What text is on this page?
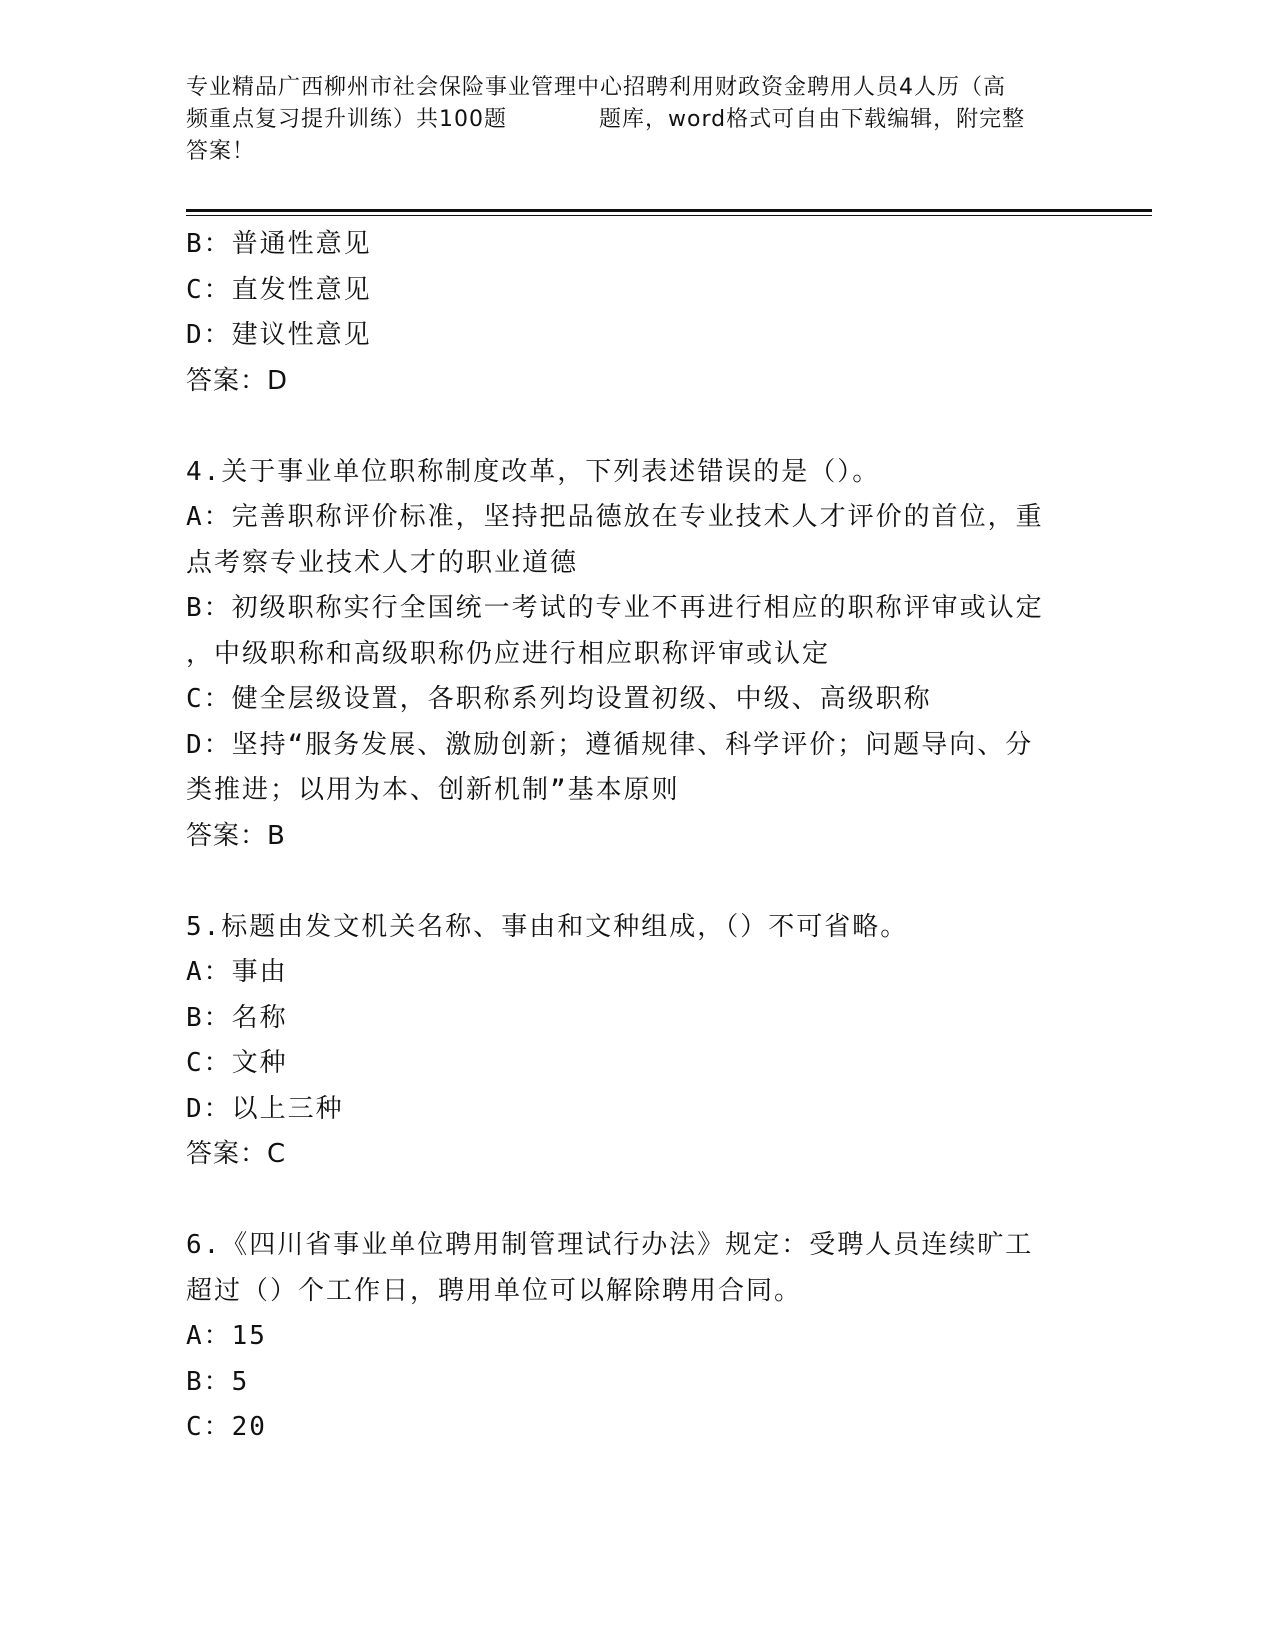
专业精品广西柳州市社会保险事业管理中心招聘利用财政资金聘用人员4人历（高
频重点复习提升训练）共100题　　　　题库，word格式可自由下载编辑，附完整
答案！
B：普通性意见
C：直发性意见
D：建议性意见
答案：D
4.关于事业单位职称制度改革，下列表述错误的是（）。
A：完善职称评价标准，坚持把品德放在专业技术人才评价的首位，重
点考察专业技术人才的职业道德
B：初级职称实行全国统一考试的专业不再进行相应的职称评审或认定
，中级职称和高级职称仍应进行相应职称评审或认定
C：健全层级设置，各职称系列均设置初级、中级、高级职称
D：坚持“服务发展、激励创新；遵循规律、科学评价；问题导向、分
类推进；以用为本、创新机制”基本原则
答案：B
5.标题由发文机关名称、事由和文种组成，（）不可省略。
A：事由
B：名称
C：文种
D：以上三种
答案：C
6.《四川省事业单位聘用制管理试行办法》规定：受聘人员连续旷工
超过（）个工作日，聘用单位可以解除聘用合同。
A：15
B：5
C：20
